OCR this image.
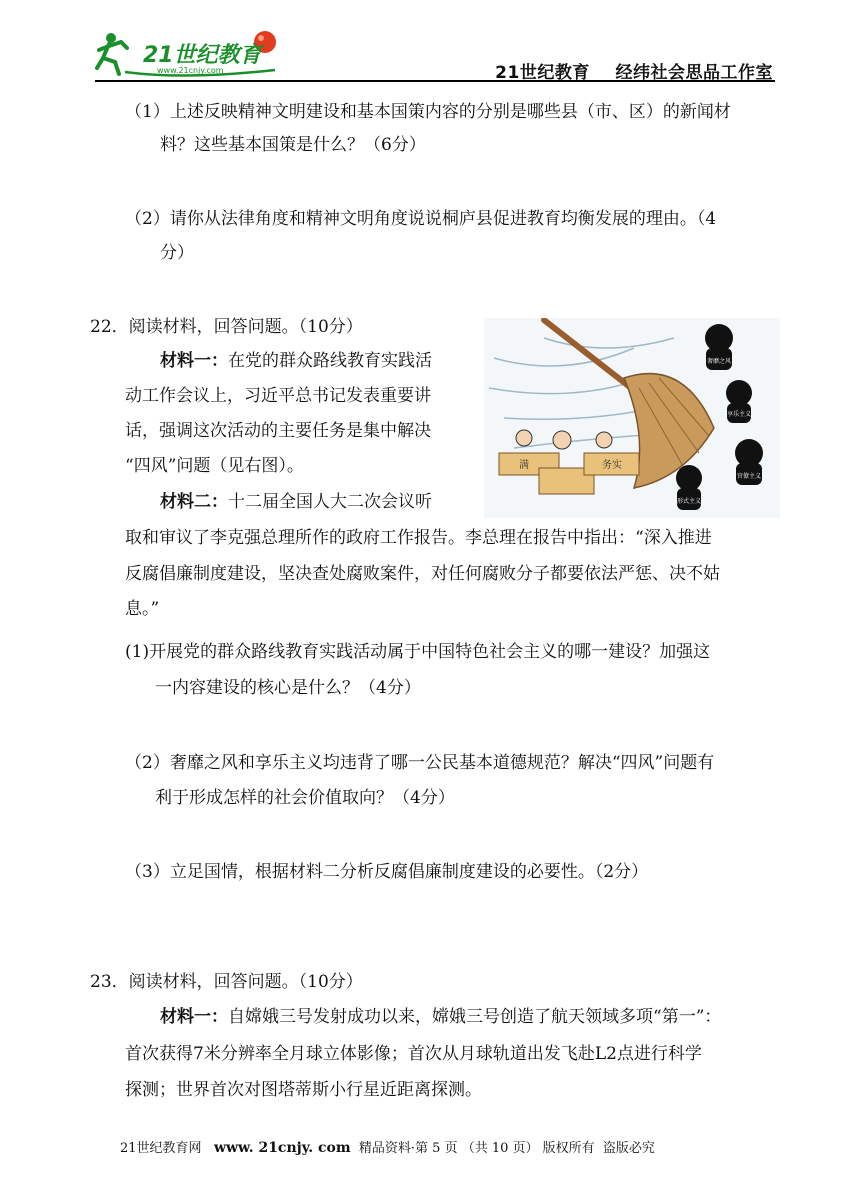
21世纪教育
www.21cnjy.com	21世纪教育    经纬社会思品工作室
（1）上述反映精神文明建设和基本国策内容的分别是哪些县（市、区）的新闻材
料？这些基本国策是什么？（6分）
（2）请你从法律角度和精神文明角度说说桐庐县促进教育均衡发展的理由。（4
分）
22．阅读材料，回答问题。（10分）
材料一：在党的群众路线教育实践活
动工作会议上，习近平总书记发表重要讲
话，强调这次活动的主要任务是集中解决
“四风”问题（见右图）。
材料二：十二届全国人大二次会议听
取和审议了李克强总理所作的政府工作报告。李总理在报告中指出：“深入推进
反腐倡廉制度建设，坚决查处腐败案件，对任何腐败分子都要依法严惩、决不姑
息。”
(1)开展党的群众路线教育实践活动属于中国特色社会主义的哪一建设？加强这
一内容建设的核心是什么？（4分）
（2）奢靡之风和享乐主义均违背了哪一公民基本道德规范？解决“四风”问题有
利于形成怎样的社会价值取向？（4分）
（3）立足国情，根据材料二分析反腐倡廉制度建设的必要性。（2分）
满	务实
奢靡之风
享乐主义
官僚主义
形式主义
23．阅读材料，回答问题。（10分）
材料一：自嫦娥三号发射成功以来，嫦娥三号创造了航天领域多项“第一”：
首次获得7米分辨率全月球立体影像；首次从月球轨道出发飞赴L2点进行科学
探测；世界首次对图塔蒂斯小行星近距离探测。
21世纪教育网   www. 21cnjy. com  精品资料·第 5 页 （共 10 页） 版权所有  盗版必究
